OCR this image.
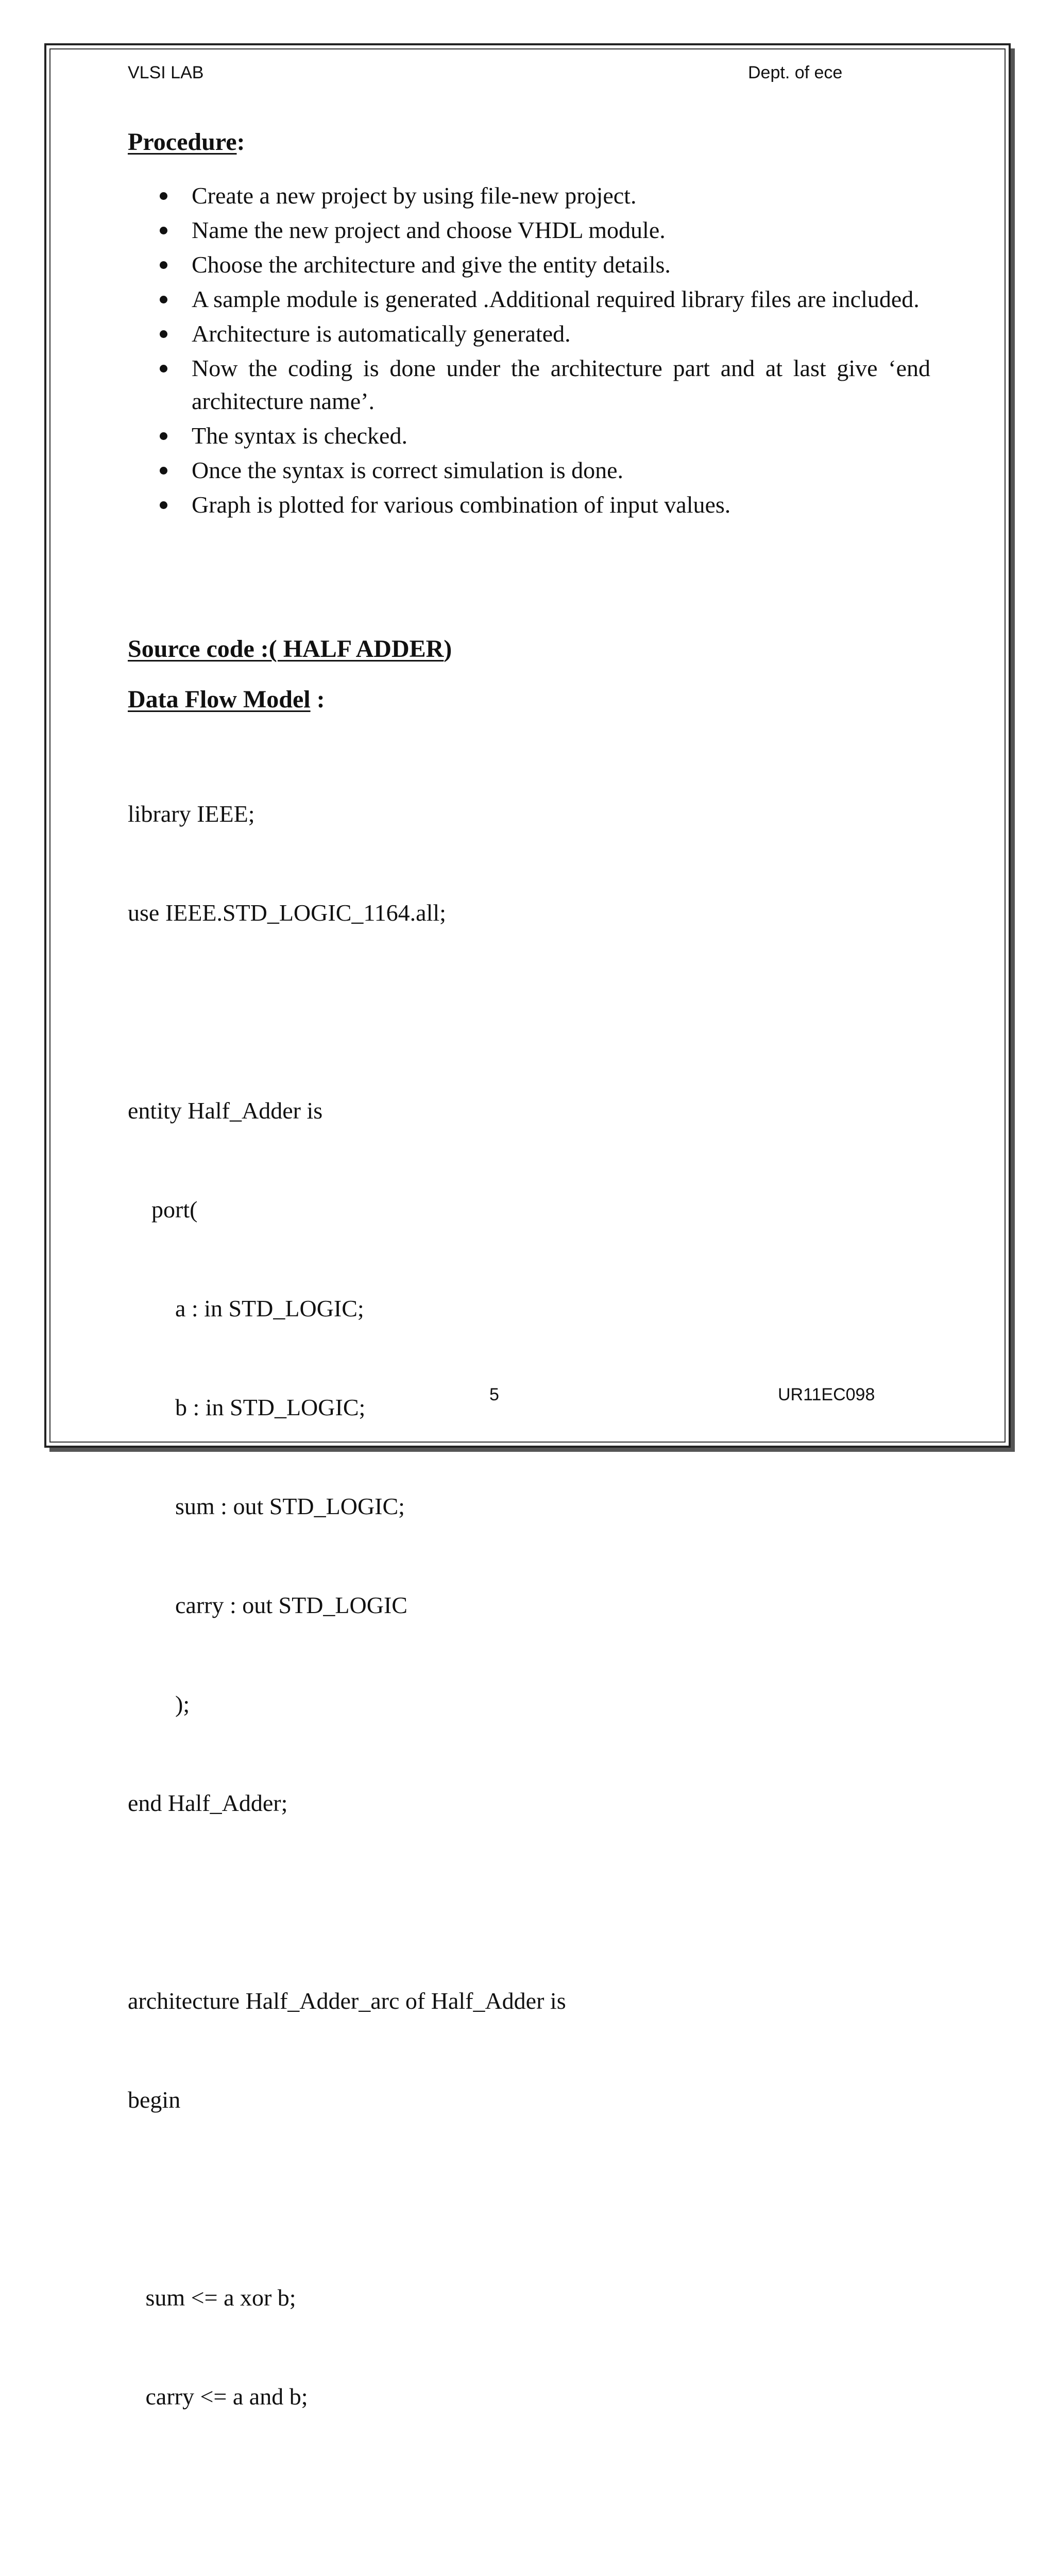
VLSI LAB	Dept. of ece
Procedure:
Create a new project by using file-new project.
Name the new project and choose VHDL module.
Choose the architecture and give the entity details.
A sample module is generated .Additional required library files are included.
Architecture is automatically generated.
Now the coding is done under the architecture part and at last give ‘end architecture name’.
The syntax is checked.
Once the syntax is correct simulation is done.
Graph is plotted for various combination of input values.
Source code :( HALF ADDER)
Data Flow Model :

library IEEE;

use IEEE.STD_LOGIC_1164.all;

entity Half_Adder is

port(

a : in STD_LOGIC;

b : in STD_LOGIC;

sum : out STD_LOGIC;

carry : out STD_LOGIC

);

end Half_Adder;

architecture Half_Adder_arc of Half_Adder is

begin

sum <= a xor b;

carry <= a and b;

5	UR11EC098
